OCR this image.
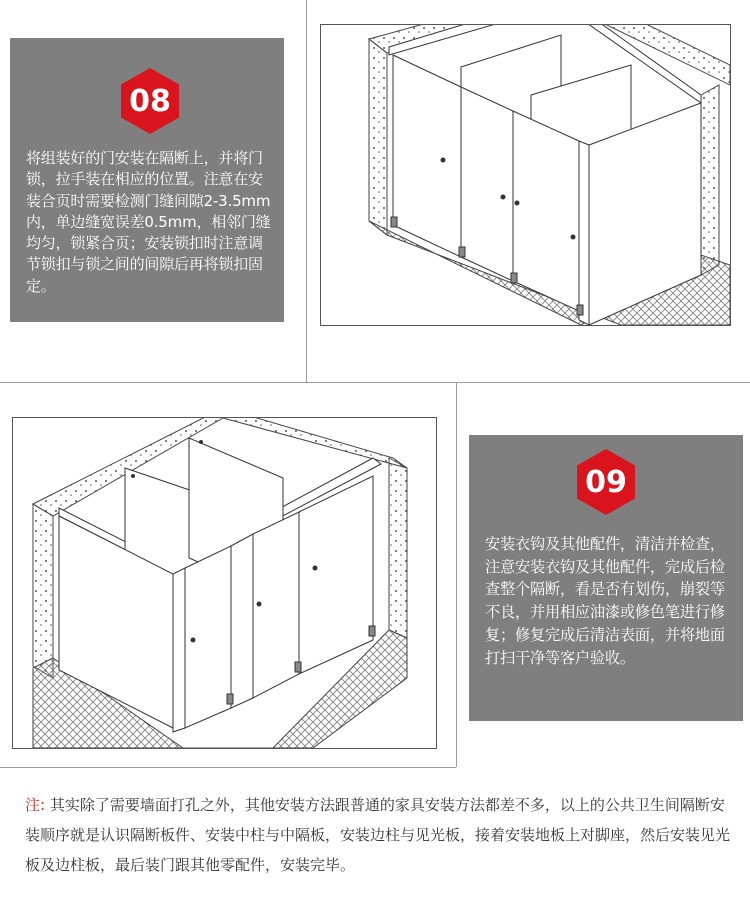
08
将组装好的门安装在隔断上，并将门锁，拉手装在相应的位置。注意在安装合页时需要检测门缝间隙2-3.5mm内，单边缝宽误差0.5mm，相邻门缝均匀，锁紧合页；安装锁扣时注意调节锁扣与锁之间的间隙后再将锁扣固定。
09
安装衣钩及其他配件，清洁并检查，注意安装衣钩及其他配件，完成后检查整个隔断，看是否有划伤，崩裂等不良，并用相应油漆或修色笔进行修复；修复完成后清洁表面，并将地面打扫干净等客户验收。
注: 其实除了需要墙面打孔之外，其他安装方法跟普通的家具安装方法都差不多，以上的公共卫生间隔断安装顺序就是认识隔断板件、安装中柱与中隔板，安装边柱与见光板，接着安装地板上对脚座，然后安装见光板及边柱板，最后装门跟其他零配件，安装完毕。
